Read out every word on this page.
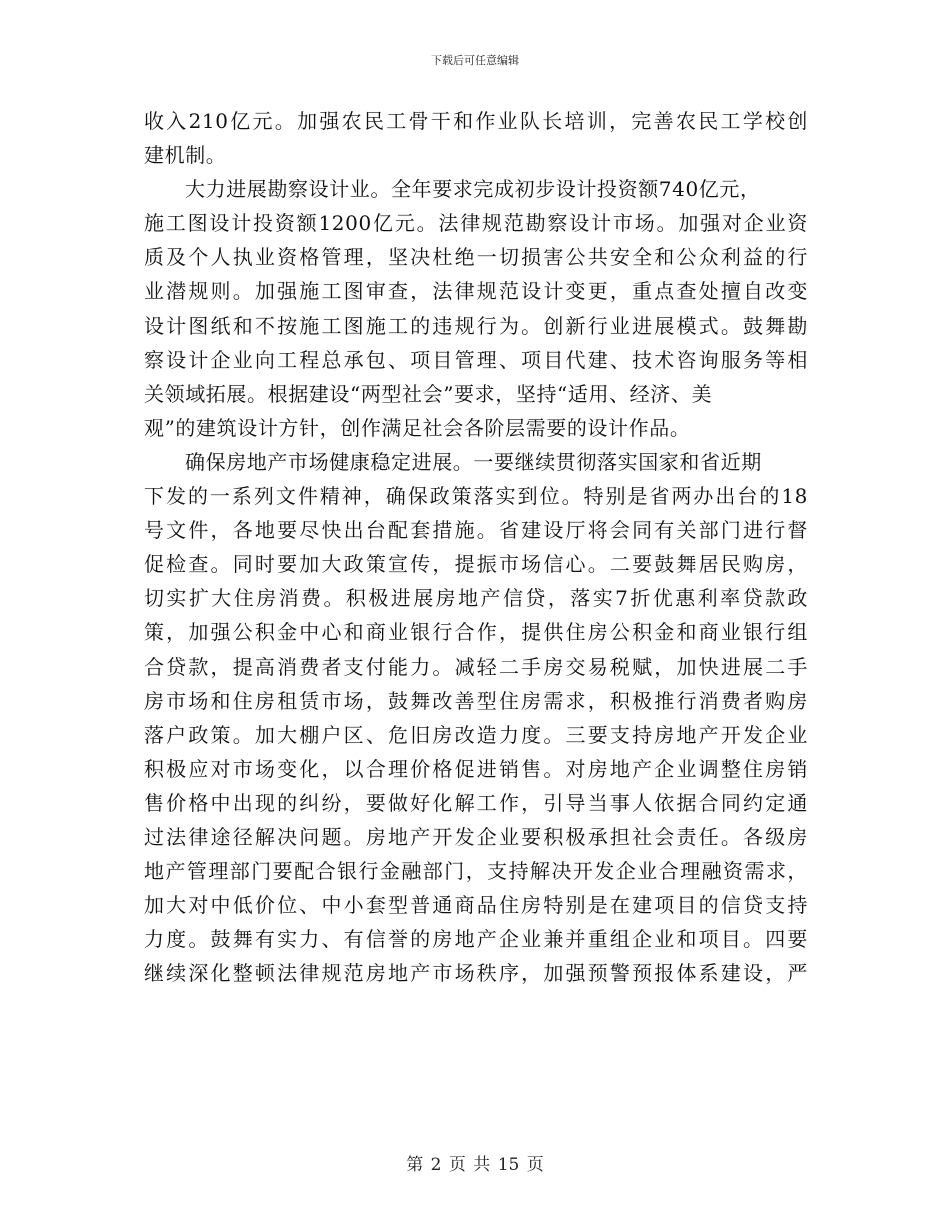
下载后可任意编辑
收入210亿元。加强农民工骨干和作业队长培训，完善农民工学校创
建机制。
大力进展勘察设计业。全年要求完成初步设计投资额740亿元，
施工图设计投资额1200亿元。法律规范勘察设计市场。加强对企业资
质及个人执业资格管理，坚决杜绝一切损害公共安全和公众利益的行
业潜规则。加强施工图审查，法律规范设计变更，重点查处擅自改变
设计图纸和不按施工图施工的违规行为。创新行业进展模式。鼓舞勘
察设计企业向工程总承包、项目管理、项目代建、技术咨询服务等相
关领域拓展。根据建设“两型社会”要求，坚持“适用、经济、美
观”的建筑设计方针，创作满足社会各阶层需要的设计作品。
确保房地产市场健康稳定进展。一要继续贯彻落实国家和省近期
下发的一系列文件精神，确保政策落实到位。特别是省两办出台的18
号文件，各地要尽快出台配套措施。省建设厅将会同有关部门进行督
促检查。同时要加大政策宣传，提振市场信心。二要鼓舞居民购房，
切实扩大住房消费。积极进展房地产信贷，落实7折优惠利率贷款政
策，加强公积金中心和商业银行合作，提供住房公积金和商业银行组
合贷款，提高消费者支付能力。减轻二手房交易税赋，加快进展二手
房市场和住房租赁市场，鼓舞改善型住房需求，积极推行消费者购房
落户政策。加大棚户区、危旧房改造力度。三要支持房地产开发企业
积极应对市场变化，以合理价格促进销售。对房地产企业调整住房销
售价格中出现的纠纷，要做好化解工作，引导当事人依据合同约定通
过法律途径解决问题。房地产开发企业要积极承担社会责任。各级房
地产管理部门要配合银行金融部门，支持解决开发企业合理融资需求，
加大对中低价位、中小套型普通商品住房特别是在建项目的信贷支持
力度。鼓舞有实力、有信誉的房地产企业兼并重组企业和项目。四要
继续深化整顿法律规范房地产市场秩序，加强预警预报体系建设，严
第 2 页 共 15 页
